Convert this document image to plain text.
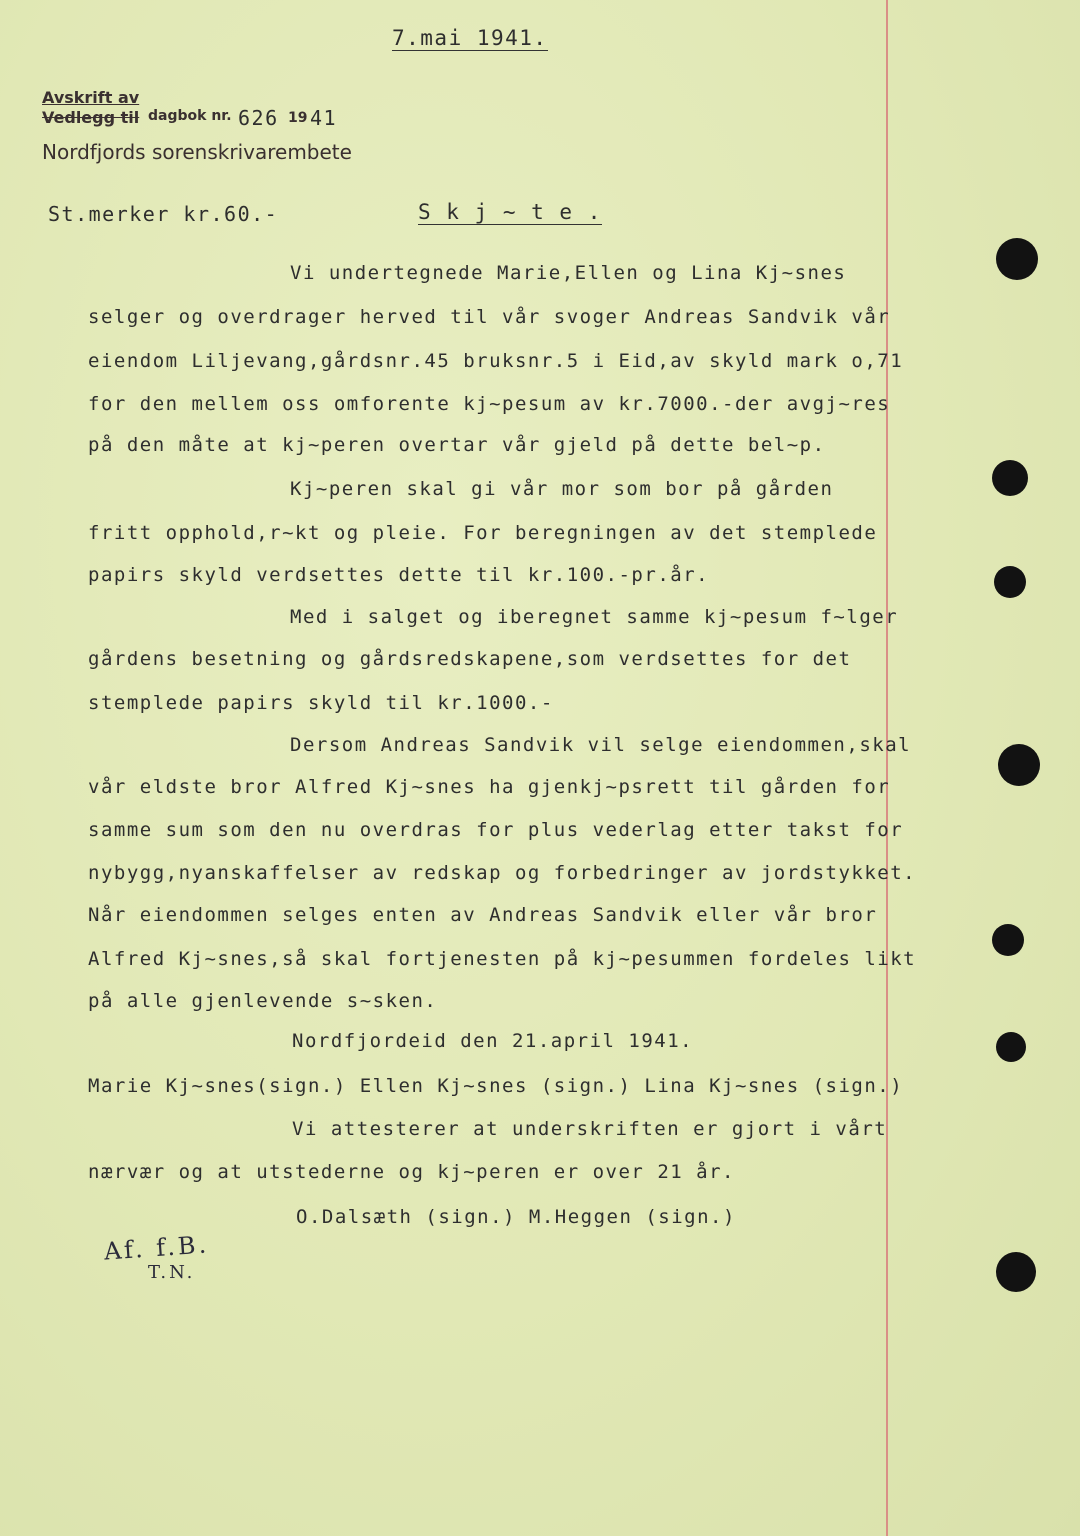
7.mai 1941.
Avskrift av
Vedlegg til dagbok nr. 626 19 41
Nordfjords sorenskrivarembete
St.merker kr.60.-	S k j ~ t e .
Vi undertegnede Marie,Ellen og Lina Kj~snes
selger og overdrager herved til vår svoger Andreas Sandvik vår
eiendom Liljevang,gårdsnr.45 bruksnr.5 i Eid,av skyld mark o,71
for den mellem oss omforente kj~pesum av kr.7000.-der avgj~res
på den måte at kj~peren overtar vår gjeld på dette bel~p.
Kj~peren skal gi vår mor som bor på gården
fritt opphold,r~kt og pleie. For beregningen av det stemplede
papirs skyld verdsettes dette til kr.100.-pr.år.
Med i salget og iberegnet samme kj~pesum f~lger
gårdens besetning og gårdsredskapene,som verdsettes for det
stemplede papirs skyld til kr.1000.-
Dersom Andreas Sandvik vil selge eiendommen,skal
vår eldste bror Alfred Kj~snes ha gjenkj~psrett til gården for
samme sum som den nu overdras for plus vederlag etter takst for
nybygg,nyanskaffelser av redskap og forbedringer av jordstykket.
Når eiendommen selges enten av Andreas Sandvik eller vår bror
Alfred Kj~snes,så skal fortjenesten på kj~pesummen fordeles likt
på alle gjenlevende s~sken.
Nordfjordeid den 21.april 1941.
Marie Kj~snes(sign.) Ellen Kj~snes (sign.) Lina Kj~snes (sign.)
Vi attesterer at underskriften er gjort i vårt
nærvær og at utstederne og kj~peren er over 21 år.
O.Dalsæth (sign.) M.Heggen (sign.)
Af. f.B.
T.N.
